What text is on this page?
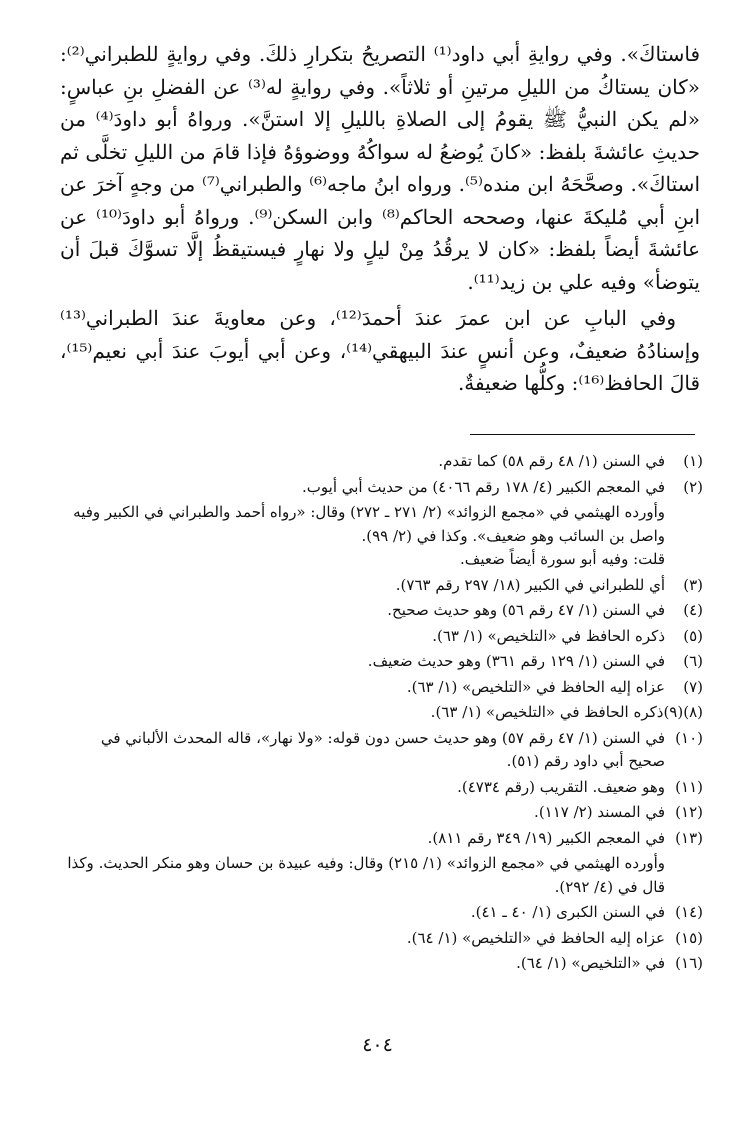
فاستاكَ». وفي روايةِ أبي داود⁽¹⁾ التصريحُ بتكرارِ ذلكَ. وفي روايةٍ للطبراني⁽²⁾: «كان يستاكُ من الليلِ مرتينِ أو ثلاثاً». وفي روايةٍ له⁽³⁾ عن الفضلِ بنِ عباسٍ: «لم يكن النبيُّ ﷺ يقومُ إلى الصلاةِ بالليلِ إلا استنَّ». ورواهُ أبو داودَ⁽⁴⁾ من حديثِ عائشةَ بلفظ: «كانَ يُوضعُ له سواكُهُ ووضوؤهُ فإذا قامَ من الليلِ تخلَّى ثم استاكَ». وصحَّحَهُ ابن منده⁽⁵⁾. ورواه ابنُ ماجه⁽⁶⁾ والطبراني⁽⁷⁾ من وجهٍ آخرَ عن ابنِ أبي مُليكةَ عنها، وصححه الحاكم⁽⁸⁾ وابن السكن⁽⁹⁾. ورواهُ أبو داودَ⁽¹⁰⁾ عن عائشةَ أيضاً بلفظ: «كان لا يرقُدُ مِنْ ليلٍ ولا نهارٍ فيستيقظُ إلَّا تسوَّكَ قبلَ أن يتوضأ» وفيه علي بن زيد⁽¹¹⁾.

وفي البابِ عن ابن عمرَ عندَ أحمدَ⁽¹²⁾، وعن معاويةَ عندَ الطبراني⁽¹³⁾ وإسنادُهُ ضعيفٌ، وعن أنسٍ عندَ البيهقي⁽¹⁴⁾، وعن أبي أيوبَ عندَ أبي نعيم⁽¹⁵⁾، قالَ الحافظ⁽¹⁶⁾: وكلُّها ضعيفةٌ.

(١)
في السنن (١/ ٤٨ رقم ٥٨) كما تقدم.
(٢)
في المعجم الكبير (٤/ ١٧٨ رقم ٤٠٦٦) من حديث أبي أيوب.
وأورده الهيثمي في «مجمع الزوائد» (٢/ ٢٧١ ـ ٢٧٢) وقال: «رواه أحمد والطبراني في الكبير وفيه واصل بن السائب وهو ضعيف». وكذا في (٢/ ٩٩).
قلت: وفيه أبو سورة أيضاً ضعيف.
(٣)
أي للطبراني في الكبير (١٨/ ٢٩٧ رقم ٧٦٣).
(٤)
في السنن (١/ ٤٧ رقم ٥٦) وهو حديث صحيح.
(٥)
ذكره الحافظ في «التلخيص» (١/ ٦٣).
(٦)
في السنن (١/ ١٢٩ رقم ٣٦١) وهو حديث ضعيف.
(٧)
عزاه إليه الحافظ في «التلخيص» (١/ ٦٣).
(٨)(٩)
ذكره الحافظ في «التلخيص» (١/ ٦٣).
(١٠)
في السنن (١/ ٤٧ رقم ٥٧) وهو حديث حسن دون قوله: «ولا نهار»، قاله المحدث الألباني في صحيح أبي داود رقم (٥١).
(١١)
وهو ضعيف. التقريب (رقم ٤٧٣٤).
(١٢)
في المسند (٢/ ١١٧).
(١٣)
في المعجم الكبير (١٩/ ٣٤٩ رقم ٨١١).
وأورده الهيثمي في «مجمع الزوائد» (١/ ٢١٥) وقال: وفيه عبيدة بن حسان وهو منكر الحديث. وكذا قال في (٤/ ٢٩٢).
(١٤)
في السنن الكبرى (١/ ٤٠ ـ ٤١).
(١٥)
عزاه إليه الحافظ في «التلخيص» (١/ ٦٤).
(١٦)
في «التلخيص» (١/ ٦٤).
٤٠٤
